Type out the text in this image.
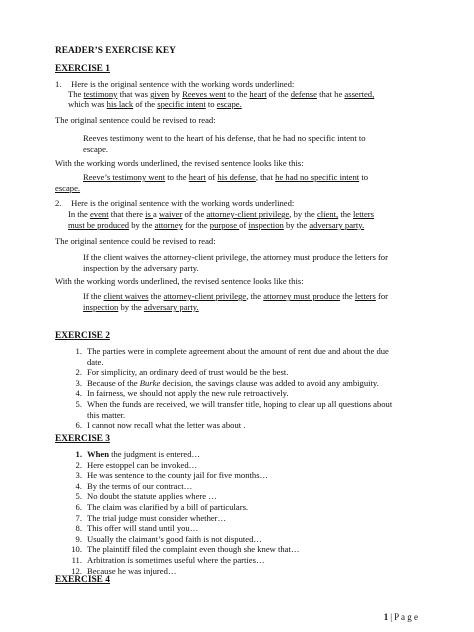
READER’S EXERCISE KEY
EXERCISE 1
1. Here is the original sentence with the working words underlined:
The testimony that was given by Reeves went to the heart of the defense that he asserted,
which was his lack of the specific intent to escape.
The original sentence could be revised to read:
Reeves testimony went to the heart of his defense, that he had no specific intent to
escape.
With the working words underlined, the revised sentence looks like this:
Reeve’s testimony went to the heart of his defense, that he had no specific intent to
escape.
2. Here is the original sentence with the working words underlined:
In the event that there is a waiver of the attorney-client privilege, by the client, the letters
must be produced by the attorney for the purpose of inspection by the adversary party.
The original sentence could be revised to read:
If the client waives the attorney-client privilege, the attorney must produce the letters for
inspection by the adversary party.
With the working words underlined, the revised sentence looks like this:
If the client waives the attorney-client privilege, the attorney must produce the letters for
inspection by the adversary party.
EXERCISE 2
1. The parties were in complete agreement about the amount of rent due and about the due
date.
2. For simplicity, an ordinary deed of trust would be the best.
3. Because of the Burke decision, the savings clause was added to avoid any ambiguity.
4. In fairness, we should not apply the new rule retroactively.
5. When the funds are received, we will transfer title, hoping to clear up all questions about
this matter.
6. I cannot now recall what the letter was about .
EXERCISE 3
1. When the judgment is entered…
2. Here estoppel can be invoked…
3. He was sentence to the county jail for five months…
4. By the terms of our contract…
5. No doubt the statute applies where …
6. The claim was clarified by a bill of particulars.
7. The trial judge must consider whether…
8. This offer will stand until you…
9. Usually the claimant’s good faith is not disputed…
10. The plaintiff filed the complaint even though she knew that…
11. Arbitration is sometimes useful where the parties…
12. Because he was injured…
EXERCISE 4
1 | P a g e
